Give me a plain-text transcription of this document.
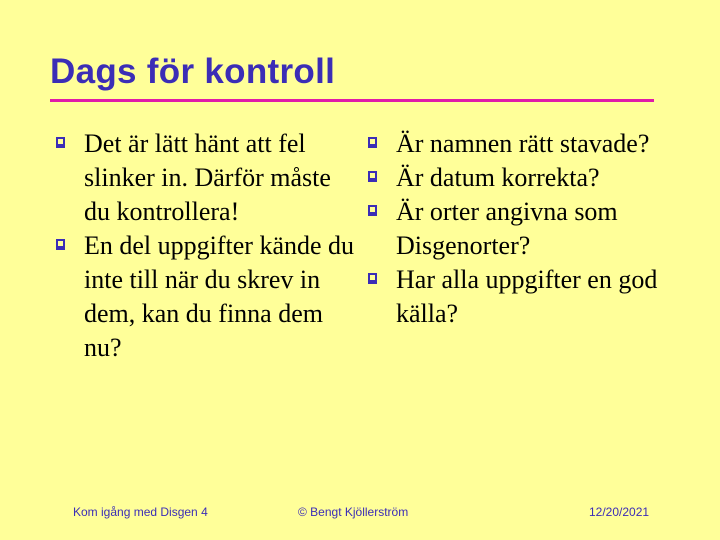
Dags för kontroll
Det är lätt hänt att fel slinker in. Därför måste du kontrollera!
En del uppgifter kände du inte till när du skrev in dem, kan du finna dem nu?
Är namnen rätt stavade?
Är datum korrekta?
Är orter angivna som Disgenorter?
Har alla uppgifter en god källa?
Kom igång med Disgen 4	© Bengt Kjöllerström	12/20/2021
